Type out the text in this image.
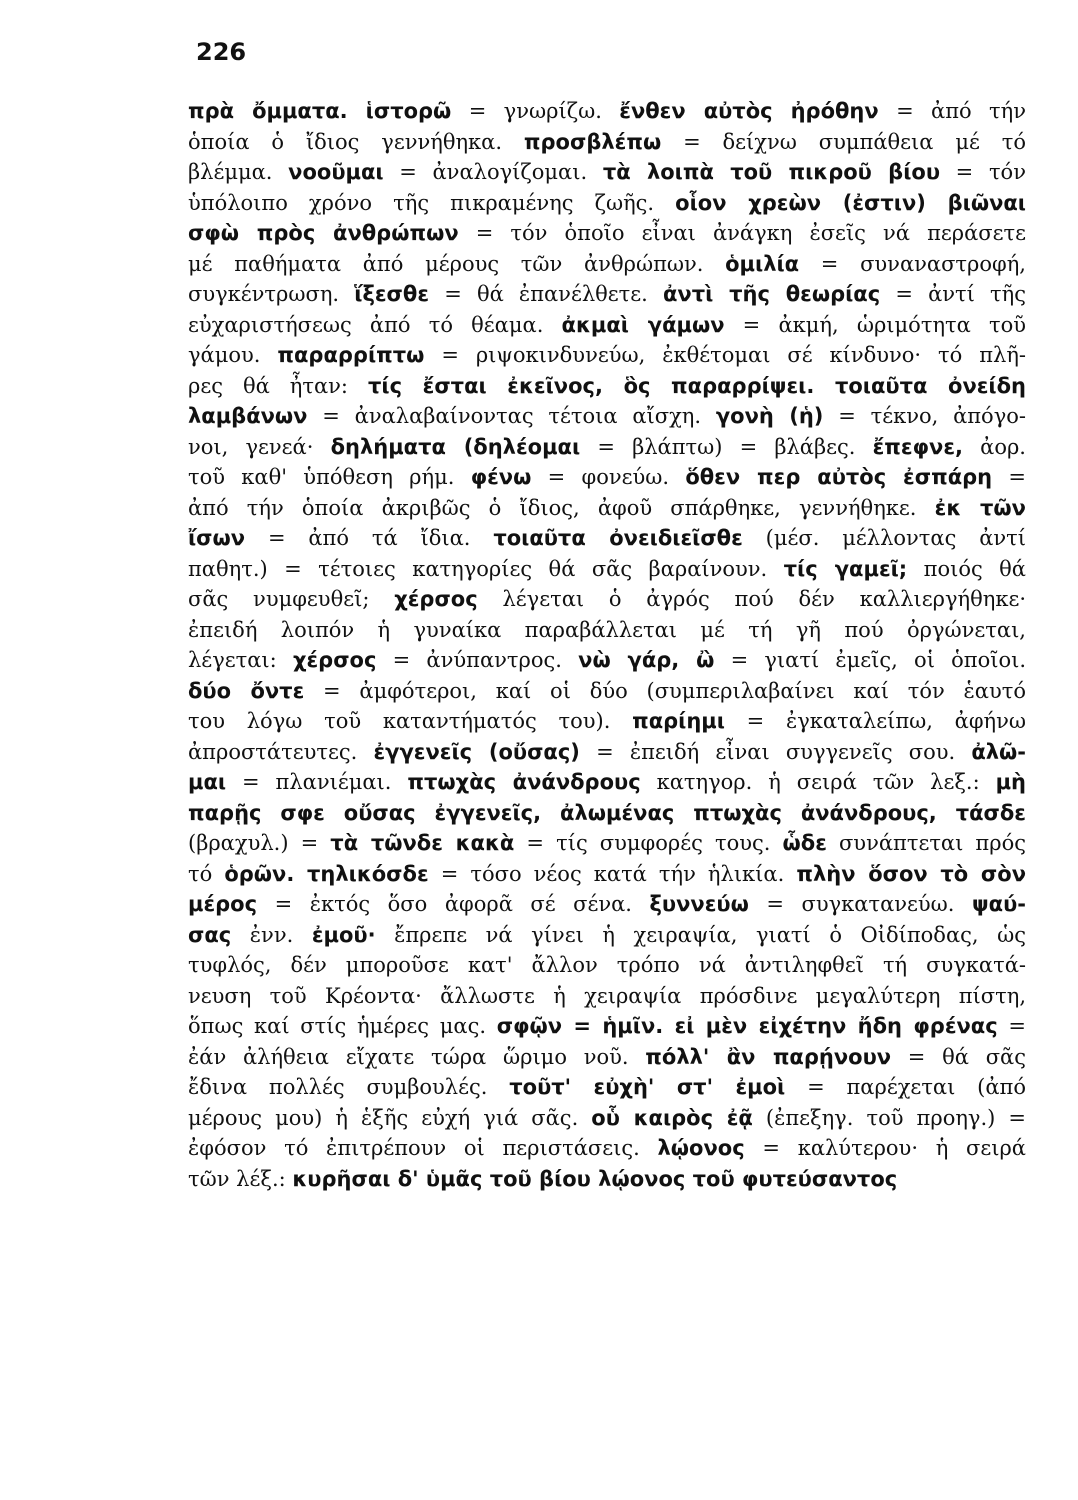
226
πρὰ ὄμματα. ἱστορῶ = γνωρίζω. ἔνθεν αὐτὸς ἠρόθην = ἀπό τήν
ὁποία ὁ ἴδιος γεννήθηκα. προσβλέπω = δείχνω συμπάθεια μέ τό
βλέμμα. νοοῦμαι = ἀναλογίζομαι. τὰ λοιπὰ τοῦ πικροῦ βίου = τόν
ὑπόλοιπο χρόνο τῆς πικραμένης ζωῆς. οἷον χρεὼν (ἐστιν) βιῶναι
σφὼ πρὸς ἀνθρώπων = τόν ὁποῖο εἶναι ἀνάγκη ἐσεῖς νά περάσετε
μέ παθήματα ἀπό μέρους τῶν ἀνθρώπων. ὁμιλία = συναναστροφή,
συγκέντρωση. ἵξεσθε = θά ἐπανέλθετε. ἀντὶ τῆς θεωρίας = ἀντί τῆς
εὐχαριστήσεως ἀπό τό θέαμα. ἀκμαὶ γάμων = ἀκμή, ὡριμότητα τοῦ
γάμου. παραρρίπτω = ριψοκινδυνεύω, ἐκθέτομαι σέ κίνδυνο· τό πλῆ-
ρες θά ἦταν: τίς ἔσται ἐκεῖνος, ὃς παραρρίψει. τοιαῦτα ὀνείδη
λαμβάνων = ἀναλαβαίνοντας τέτοια αἴσχη. γονὴ (ἡ) = τέκνο, ἀπόγο-
νοι, γενεά· δηλήματα (δηλέομαι = βλάπτω) = βλάβες. ἔπεφνε, ἀορ.
τοῦ καθ' ὑπόθεση ρήμ. φένω = φονεύω. ὅθεν περ αὐτὸς ἐσπάρη =
ἀπό τήν ὁποία ἀκριβῶς ὁ ἴδιος, ἀφοῦ σπάρθηκε, γεννήθηκε. ἐκ τῶν
ἴσων = ἀπό τά ἴδια. τοιαῦτα ὀνειδιεῖσθε (μέσ. μέλλοντας ἀντί
παθητ.) = τέτοιες κατηγορίες θά σᾶς βαραίνουν. τίς γαμεῖ; ποιός θά
σᾶς νυμφευθεῖ; χέρσος λέγεται ὁ ἀγρός πού δέν καλλιεργήθηκε·
ἐπειδή λοιπόν ἡ γυναίκα παραβάλλεται μέ τή γῆ πού ὀργώνεται,
λέγεται: χέρσος = ἀνύπαντρος. νὼ γάρ, ὢ = γιατί ἐμεῖς, οἱ ὁποῖοι.
δύο ὄντε = ἀμφότεροι, καί οἱ δύο (συμπεριλαβαίνει καί τόν ἑαυτό
του λόγω τοῦ καταντήματός του). παρίημι = ἐγκαταλείπω, ἀφήνω
ἀπροστάτευτες. ἐγγενεῖς (οὔσας) = ἐπειδή εἶναι συγγενεῖς σου. ἀλῶ-
μαι = πλανιέμαι. πτωχὰς ἀνάνδρους κατηγορ. ἡ σειρά τῶν λεξ.: μὴ
παρῇς σφε οὔσας ἐγγενεῖς, ἀλωμένας πτωχὰς ἀνάνδρους, τάσδε
(βραχυλ.) = τὰ τῶνδε κακὰ = τίς συμφορές τους. ὧδε συνάπτεται πρός
τό ὁρῶν. τηλικόσδε = τόσο νέος κατά τήν ἡλικία. πλὴν ὅσον τὸ σὸν
μέρος = ἐκτός ὅσο ἀφορᾶ σέ σένα. ξυννεύω = συγκατανεύω. ψαύ-
σας ἐνν. ἐμοῦ· ἔπρεπε νά γίνει ἡ χειραψία, γιατί ὁ Οἰδίποδας, ὡς
τυφλός, δέν μποροῦσε κατ' ἄλλον τρόπο νά ἀντιληφθεῖ τή συγκατά-
νευση τοῦ Κρέοντα· ἄλλωστε ἡ χειραψία πρόσδινε μεγαλύτερη πίστη,
ὅπως καί στίς ἡμέρες μας. σφῷν = ἡμῖν. εἰ μὲν εἰχέτην ἤδη φρένας =
ἐάν ἀλήθεια εἴχατε τώρα ὥριμο νοῦ. πόλλ' ἂν παρῄνουν = θά σᾶς
ἔδινα πολλές συμβουλές. τοῦτ' εὐχὴ' στ' ἐμοὶ = παρέχεται (ἀπό
μέρους μου) ἡ ἑξῆς εὐχή γιά σᾶς. οὗ καιρὸς ἐᾷ (ἐπεξηγ. τοῦ προηγ.) =
ἐφόσον τό ἐπιτρέπουν οἱ περιστάσεις. λῴονος = καλύτερου· ἡ σειρά
τῶν λέξ.: κυρῆσαι δ' ὑμᾶς τοῦ βίου λῴονος τοῦ φυτεύσαντος
